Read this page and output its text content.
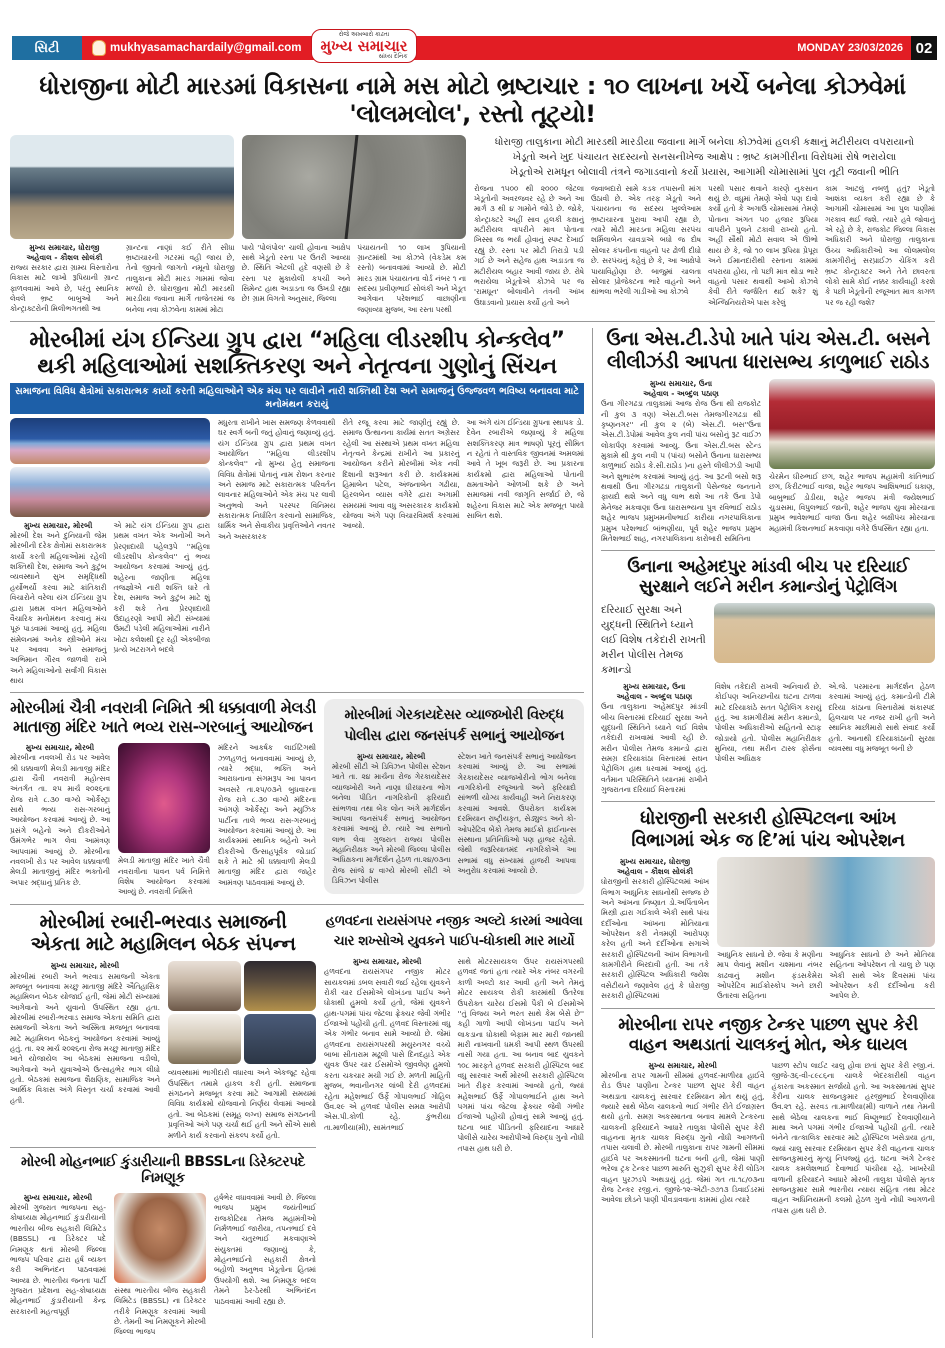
સિટી	mukhyasamachardaily@gmail.com
રોજે અખબારો કાઢતા
મુખ્ય સમાચાર
સાંધ્ય દૈનિક
MONDAY 23/03/2026 02
ધોરાજીના મોટી મારડમાં વિકાસના નામે મસ મોટો ભ્રષ્ટાચાર : ૧૦ લાખના ખર્ચે બનેલા કોઝવેમાં 'લોલમલોલ', રસ્તો તૂટ્યો!
મુખ્ય સમાચાર, ધોરાજી
અહેવાલ - કૌશલ સોલંકી
રાજ્ય સરકાર દ્વારા ગ્રામ્ય વિસ્તારોના વિકાસ માટે લાખો રૂપિયાની ગ્રાન્ટ ફાળવવામાં આવે છે, પરંતુ સ્થાનિક લેવલે ભ્રષ્ટ બાબુઓ અને કોન્ટ્રાક્ટરોની મિલીભગતથી આ
ગ્રાન્ટના નાણાં કઈ રીતે સીધા ભ્રષ્ટાચારની ગટરમાં વહી જાય છે, તેનો જીવતો જાગતો નમૂનો ધોરાજી તાલુકાના મોટી મારડ ગામમાં જોવા મળ્યો છે. ધોરાજીના મોટી મારડથી મારડીયા જવાના માર્ગે તાજેતરમાં જ બનેલા નવા કોઝવેના કામમાં મોટા
પાયે 'પોલંપોલ' ચાલી હોવાના આક્ષેપ સાથે ખેડૂતો રસ્તા પર ઉતરી આવ્યા છે. સ્થિતિ એટલી હદે વણસી છે કે રસ્તા પર મુકાયેલી કપચી અને સિમેન્ટ હાથ અડાડતા જ ઉખડી રહ્યા છે! ગ્રામ વિગતો અનુસાર, જિલ્લા
પંચાયતની ૧૦ લાખ રૂપિયાની ગ્રાન્ટમાંથી આ કોઝવે (વેકડેમ કમ રસ્તો) બનાવવામાં આવ્યો છે. મોટી મારડ ગ્રામ પંચાયતના વોર્ડ નંબર ૧ ના સદસ્ય પ્રવીણભાઈ સોલંકી અને ખેડૂત આગેવાન પરેશભાઈ વાછાણીના જણાવ્યા મુજબ, આ રસ્તા પરથી
ધોરાજી તાલુકાના મોટી મારડથી મારડીયા જવાના માર્ગે બનેલા કોઝવેમાં હલકી કક્ષાનું મટીરીયલ વપરાયાનો
ખેડૂતો અને ખુદ પંચાયત સદસ્યનો સનસનીખેજ આક્ષેપ : ભ્રષ્ટ કામગીરીના વિરોધમાં રોષે ભરાયેલા
ખેડૂતોએ રામધૂન બોલાવી તંત્રને જગાડવાનો કર્યો પ્રયાસ, આગામી ચોમાસામાં પુલ તૂટી જવાની ભીતિ
રોજના ૧૫૦૦ થી ૨૦૦૦ જેટલા ખેડૂતોની અવરજવર રહે છે અને આ માર્ગ ૩ થી ૪ ગામોને જોડે છે. જોકે, કોન્ટ્રાક્ટરે અહીં સાવ હલકી કક્ષાનું મટીરીયલ વાપરીને માત્ર પોતાના ખિસ્સા જ ભર્યા હોવાનું સ્પષ્ટ દેખાઈ રહ્યું છે. રસ્તા પર મોટી તિરાડો પડી ગઈ છે અને સહેજ હાથ અડાડતા જ મટીરીયલ બહાર આવી જાય છે. રોષે ભરાયેલા ખેડૂતોએ કોઝવે પર જ 'રામધૂન' બોલાવીને તંત્રની આંખ ઉઘાડવાનો પ્રયાસ કર્યો હતો અને
જવાબદારો સામે કડક તપાસની માંગ ઉઠાવી છે. એક તરફ ખેડૂતો અને પંચાયતના જ સદસ્ય ખુલ્લેઆમ ભ્રષ્ટાચારના પુરાવા આપી રહ્યા છે, ત્યારે મોટી મારડના મહિલા સરપંચ શર્મિલાબેન ચાવડાએ બધો જ દોષ સોલાર કંપનીના વાહનો પર ઢોળી દીધો છે. સરપંચનું કહેવું છે કે, આ આક્ષેપો પાયાવિહોણા છે. બાજુમાં ચાલતા સોલાર પ્રોજેક્ટના ભારે વાહનો અને થાંભલા ભરેલી ગાડીઓ આ કોઝવે
પરથી પસાર થવાને કારણે નુકસાન થયું છે. વધુમાં તેમણે એવો પણ દાવો કર્યો હતો કે અગાઉ ચોમાસામાં તેમણે પોતાના અંગત ૫૦ હજાર રૂપિયા વાપરીને પુલને ટકાવી રાખ્યો હતો. અહીં સૌથી મોટો સવાલ એ ઊભો થાય છે કે, જો ૧૦ લાખ રૂપિયા પ્રેપૂરા અને ઈમાનદારીથી રસ્તાના કામમાં વપરાયા હોય, તો પછી માત્ર થોડા ભારે વાહનો પસાર થવાથી આખો કોઝવે કેવી રીતે જર્જરિત થઈ શકે? શું એન્જિનિયરોએ પાસ કરેલું
કામ આટલું નબળું હતું? ખેડૂતો આશંકા વ્યક્ત કરી રહ્યા છે કે આગામી ચોમાસામાં આ પુલ પાણીમાં ગરકાવ થઈ જશે. ત્યારે હવે જોવાનું એ રહે છે કે, રાજકોટ જિલ્લા વિકાસ અધિકારી અને ધોરાજી તાલુકાના ઉચ્ચ અધિકારીઓ આ લોલમલોલ કામગીરીનું સરપ્રાઈઝ ચેકિંગ કરી ભ્રષ્ટ કોન્ટ્રાક્ટર અને તેને છાવરતા લોકો સામે કોઈ નક્કર કાર્યવાહી કરશે કે પછી ખેડૂતોની રજૂઆત માત્ર કાગળ પર જ રહી જશે?
મોરબીમાં યંગ ઈન્ડિયા ગ્રુપ દ્વારા “મહિલા લીડરશીપ કોન્કલેવ”
થકી મહિલાઓમાં સશક્તિકરણ અને નેતૃત્વના ગુણોનું સિંચન
સમાજના વિવિધ ક્ષેત્રોમાં સકારાત્મક કાર્યો કરતી મહિલાઓને એક મંચ પર લાવીને નારી શક્તિથી દેશ અને સમાજનું ઉજ્જવળ ભવિષ્ય બનાવવા માટે મનોમંથન કરાયું
મુખ્ય સમાચાર, મોરબી
મોરબી દેશ અને દુનિયાની જેમ મોરબીની દરેક ક્ષેત્રોમાં સકારાત્મક કાર્યો કરતી મહિલાઓમાં રહેલી શક્તિથી દેશ, સમાજ અને કુટુંબ વ્યવસ્થાને સુખ સમૃદ્ધિથી હર્યોભર્યો કરવા માટે ક્રાંતિકારી વિચારોને વરેલા યંગ ઈન્ડિયા ગ્રુપ દ્વારા પ્રથમ વખત મહિલાઓને વૈચારિક મનોમંથન કરવાનું મંચ પૂરું પાડવામાં આવ્યું હતું. મહિલા સંમેલનમાં અનેક સ્ત્રીઓને મંચ પર આવવા અને સમાજનું અભિમાન ગૌરવ જાળવી રાખે અને મહિલાઓનો સર્વાંગી વિકાસ થાય
એ માટે યંગ ઈન્ડિયા ગ્રુપ દ્વારા પ્રથમ વખત એક અનોખી અને પ્રેરણાદાયી પહેલરૂપે ''મહિલા લીડરશીપ કોન્કલેવ'' નું ભવ્ય આયોજન કરવામાં આવ્યું હતું. શહેરના જાણીતા મહિલા તજજ્ઞોએ નારી શક્તિ ધારે તો દેશ, સમાજ અને કુટુંબ માટે શું કરી શકે તેના પ્રેરણાદાયી ઉદાહરણો આપી મોટી સંખ્યામાં ઉમટી પડેલી મહિલાઓમાં નારીને ખોટા કલેશથી દૂર રહી એકબીજા પ્રત્યે ખટરાગને બદલે
મધુરતા રાખીને ખાસ સમજણ કેળવવાથી ઘર સ્વર્ગ બની જતું હોવાનું જણાવ્યું હતું. યંગ ઈન્ડિયા ગ્રુપ દ્વારા પ્રથમ વખત આયોજિત ''મહિલા લીડરશીપ કોન્કલેવ'' નો મુખ્ય હેતુ સમાજના વિવિધ ક્ષેત્રોમાં પોતાનું નામ રોશન કરનાર અને સમાજ માટે સકારાત્મક પરિવર્તન લાવનાર મહિલાઓને એક મંચ પર લાવી અનુભવો અને પરસ્પર વિનિમય સકારાત્મક નિર્ધારિત કરવાનો સામાજિક, ધાર્મિક અને સેવાકીય પ્રવૃત્તિઓને નવતર અને અસરકારક
રીતે રજૂ કરવા માટે જાણીતું રહ્યું છે. સમાજ ઉત્થાનના કાર્યમાં સતત અગ્રેસર રહેલી આ સંસ્થાએ પ્રથમ વખત મહિલા નેતૃત્વને કેન્દ્રમાં રાખીને આ પ્રકારનું આયોજન કરીને મોરબીમાં એક નવી દિશાની શરૂઆત કરી છે. કાર્યક્રમમાં હિમાબેન પટેલ, અંજનાબેન ગઢીયા, હિરલબેન વ્યાસ વગેરે દ્વારા અગામી સમયમાં આવા વધુ અસરકારક કાર્યક્રમો યોજવા અંગે પણ વિચારવિમર્શ કરવામાં આવ્યો.
આ અંગે યંગ ઈન્ડિયા ગ્રુપના સ્થાપક ડો. દેવેન રબારીએ જણાવ્યું કે મહિલા સશક્તિકરણ માત્ર ભાષણો પૂરતું સીમિત ન રહેતાં તે વાસ્તવિક જીવનમાં અમલમાં આવે તે ખૂબ જરૂરી છે. આ પ્રકારના કાર્યક્રમો દ્વારા મહિલાઓ પોતાની ક્ષમતાઓને ઓળખી શકે છે અને સમાજમાં નવી જાગૃતિ સર્જાઈ છે, જે શહેરના વિકાસ માટે એક મજબૂત પાયો સાબિત થશે.
મોરબીમાં ચૈત્રી નવરાત્રી નિમિતે શ્રી ધક્કાવાળી મેલડી
માતાજી મંદિર ખાતે ભવ્ય રાસ-ગરબાનું આયોજન
મુખ્ય સમાચાર, મોરબી
મોરબીના નવલખી રોડ પર આવેલ શ્રી ધક્કાવાળી મેલડી માતાજી મંદિર દ્વારા ચૈત્રી નવરાત્રી મહોત્સવ અંતર્ગત તા. ૨૫ માર્ચ ૨૦૨૬ના રોજ રાત્રે ૮.૩૦ વાગ્યે ઓર્કેસ્ટ્રા સાથે ભવ્ય રાસ-ગરબાનું આયોજન કરવામાં આવ્યું છે. આ પ્રસંગે બહેનો અને દીકરીઓને ઉમંગભેર ભાગ લેવા આમંત્રણ આપવામાં આવ્યું છે. મોરબીના નવલખી રોડ પર આવેલ ધક્કાવાળી મેલડી માતાજીનું મંદિર ભક્તોની અપાર શ્રદ્ધાનું પ્રતિક છે.
મેલડી માતાજી મંદિર ખાતે ચૈત્રી નવરાત્રીના પાવન પર્વ નિમિત્તે વિશેષ આયોજન કરવામાં આવ્યું છે. નવરાત્રી નિમિત્તે
મંદિરને આકર્ષક લાઈટિંગથી ઝળહળતું બનાવવામાં આવ્યું છે, ત્યારે શ્રદ્ધા, ભક્તિ અને આરાધનાના સંગમરૂપ આ પાવન અવસરે તા.૨૫/૦૩ને બુધવારના રોજ રાત્રે ૮.૩૦ વાગ્યે મંદિરના આંગણે ઓર્કેસ્ટ્રા અને મ્યુઝિક પાર્ટીના તાલે ભવ્ય રાસ-ગરબાનું આયોજન કરવામાં આવ્યું છે. આ કાર્યક્રમમાં સ્થાનિક બહેનો અને દીકરીઓ ઉત્સાહપૂર્વક જોડાઈ શકે તે માટે શ્રી ધક્કાવાળી મેલડી માતાજી મંદિર દ્વારા જાહેર આમંત્રણ પાઠવવામાં આવ્યું છે.
મોરબીમાં ગેરકાયદેસર વ્યાજખોરી વિરુદ્ધ
પોલીસ દ્વારા જનસંપર્ક સભાનું આયોજન
મુખ્ય સમાચાર, મોરબી
મોરબી સીટી એ ડિવિઝન પોલીસ સ્ટેશન ખાતે તા. ૨૪ માર્ચના રોજ ગેરકાયદેસર વ્યાજખોરી અને નાણા ધીરધારના ભોગ બનેલા પીડિત નાગરિકોની ફરિયાદો સાંભળવા તથા બેંક લોન અંગે માર્ગદર્શન આપવા જનસંપર્ક સભાનું આયોજન કરવામાં આવ્યું છે. ત્યારે આ સભાનો લાભ લેવા ગુજરાત રાજ્ય પોલીસ મહાનિરીક્ષક અને મોરબી જિલ્લા પોલીસ અધિક્ષકના માર્ગદર્શન હેઠળ તા.૨૪/૦૩ના રોજ સાંજે ૪ વાગ્યે મોરબી સીટી એ ડિવિઝન પોલીસ
સ્ટેશન ખાતે જનસંપર્ક સભાનું આયોજન કરવામાં આવ્યું છે. આ સભામાં ગેરકાયદેસર વ્યાજખોરીનો ભોગ બનેલા નાગરિકોની રજૂઆતો અને ફરિયાદો સાંભળી યોગ્ય કાર્યવાહી અને નિરાકરણ કરવામાં આવશે. ઉપરોક્ત કાર્યક્રમ દરમિયાન રાષ્ટ્રીયકૃત, સેડ્યુલ્ડ અને કો-ઓપરેટિવ બેંકો તેમજ માઈક્રો ફાઈનાન્સ સંસ્થાના પ્રતિનિધિઓ પણ હાજર રહેશે. જેથી જરૂરિયાતમંદ નાગરિકોએ આ સભામાં વધુ સંખ્યામાં હાજરી આપવા અનુરોધ કરવામાં આવ્યો છે.
મોરબીમાં રબારી-ભરવાડ સમાજની
એકતા માટે મહામિલન બેઠક સંપન્ન
મુખ્ય સમાચાર, મોરબી
મોરબીમાં રબારી અને ભરવાડ સમાજની એકતા મજબૂત બનાવવા મચ્છુ માતાજી મંદિરે ઐતિહાસિક મહામિલન બેઠક યોજાઈ હતી, જેમાં મોટી સંખ્યામાં આગેવાનો અને યુવાનો ઉપસ્થિત રહ્યા હતા. મોરબીમાં રબારી-ભરવાડ સમાજ એકતા સમિતિ દ્વારા સમાજની એકતા અને અસ્મિતા મજબૂત બનાવવા માટે મહામિલન બેઠકનું આયોજન કરવામાં આવ્યું હતું. તા. ૨૨ માર્ચ ૨૦૨૬ના રોજ મચ્છુ માતાજી મંદિર ખાતે યોજાયેલ આ બેઠકમાં સમાજના વડીલો, આગેવાનો અને યુવાઓએ ઉત્સાહભેર ભાગ લીધો હતો. બેઠકમાં સમાજના શૈક્ષણિક, સામાજિક અને આર્થિક વિકાસ અંગે વિસ્તૃત ચર્ચા કરવામાં આવી હતી.
વ્યવસ્થામાં ભાગીદારી વધારવા અને એકજૂટ રહેવા ઉપસ્થિત તમામે હાકલ કરી હતી. સમાજના સંગઠનને મજબૂત કરવા માટે આગામી સમયમાં વિવિધ કાર્યક્રમો યોજવાનો નિર્ણય લેવામાં આવ્યો હતો. આ બેઠકમાં (સમૂહ લગ્ન) સમાજ સંગઠનની પ્રવૃત્તિઓ અંગે પણ ચર્ચા થઈ હતી અને સૌએ સાથે મળીને કાર્ય કરવાનો સંકલ્પ કર્યો હતો.
મોરબી મોહનભાઈ કુંડારીયાની BBSSLના ડિરેક્ટરપદે નિમણૂક
મુખ્ય સમાચાર, મોરબી
મોરબી ગુજરાત ભાજપના સહ-કોષાધ્યક્ષ મોહનભાઈ કુંડારીયાની ભારતીય બીજ સહકારી લિમિટેડ (BBSSL) ના ડિરેક્ટર પદે નિમણૂક થતાં મોરબી જિલ્લા ભાજપ પરિવાર દ્વારા હર્ષ વ્યક્ત કરી અભિનંદન પાઠવવામાં આવ્યા છે. ભારતીય જનતા પાર્ટી ગુજરાત પ્રદેશના સહ-કોષાધ્યક્ષ મોહનભાઈ કુંડારીયાની કેન્દ્ર સરકારની મહત્વપૂર્ણ
સંસ્થા ભારતીય બીજ સહકારી લિમિટેડ (BBSSL) ના ડિરેક્ટર તરીકે નિમણૂક કરવામાં આવી છે. તેમની આ નિમણૂકને મોરબી જિલ્લા ભાજપ
હર્ષભેર વધાવવામાં આવી છે. જિલ્લા ભાજપ પ્રમુખ જયંતીભાઈ રાજકોટિયા તેમજ મહામંત્રીઓ નિર્મળભાઈ જારીયા, તપનભાઈ દવે અને ચતુરભાઈ મકવાણાએ સંયુક્તમાં જણાવ્યું કે, મોહનભાઈનો સહકારી ક્ષેત્રનો બહોળો અનુભવ ખેડૂતોના હિતમાં ઉપયોગી થશે. આ નિમણૂક બદલ તેમને ઠેર-ઠેરથી અભિનંદન પાઠવવામાં આવી રહ્યા છે.
હળવદના રાયસંગપર નજીક અલ્ટો કારમાં આવેલા
ચાર શખ્સોએ યુવકને પાઈપ-ધોકાથી માર માર્યો
મુખ્ય સમાચાર, મોરબી
હળવદના રાયસંગપર નજીક મોટર સાયકલમાં ડબલ સવારી જઈ રહેલા યુવકને રોકી ચાર ઈસમોએ લોખંડના પાઈપ અને ધોકાથી હુમલો કર્યો હતો, જેમાં યુવકને હાથ-પગમાં પાંચ જેટલા ફ્રેક્ચર જેવી ગંભીર ઈજાઓ પહોંચી હતી. હળવદ વિસ્તારમાં વધુ એક ગંભીર બનાવ સામે આવ્યો છે. જેમાં હળવદના રાયસંગપરથી મયુરનગર વચ્ચે બાબા સીતારામ મઢૂલી પાસે દિનદહાડે એક યુવક ઉપર ચાર ઈસમોએ જીવલેણ હુમલો કરતા ચકચાર મચી ગઈ છે. મળતી માહિતી મુજબ, ભવાનીનગર લાંબી દેરી હળવદમાં રહેતા મહેશભાઈ ઉર્ફે ગોપાલભાઈ ગોહિલ ઉવ.૨૯ એ હળવદ પોલીસ સમક્ષ આરોપી એસ.પી.કોળી રહે. કુંભરીયા તા.માળીયા(મી), સામંતભાઈ
સાથે મોટરસાયકલ ઉપર રાયસંગપરથી હળવદ જતાં હતા ત્યારે એક નંબર વગરની કાળી અલ્ટો કાર આવી હતી અને તેમનું મોટર સાયકલ રોકી કારમાંથી ઉતરેલા ઉપરોક્ત ચારેય ઈસમો પૈકી બે ઈસમોએ ''તું વિજય અને ભરત સાથે કેમ બેસે છે'' કહી ગાળો આપી લોખંડના પાઈપ અને લાકડાના ધોકાથી બેફામ માર મારી જાનથી મારી નાખવાની ધમકી આપી સ્થળ ઉપરથી નાસી ગયા હતા. આ બનાવ બાદ યુવકને ૧૦૮ મારફતે હળવદ સરકારી હોસ્પિટલ બાદ વધુ સારવાર અર્થે મોરબી સરકારી હોસ્પિટલ ખાતે રીફર કરવામાં આવ્યો હતો, જ્યાં મહેશભાઈ ઉર્ફે ગોપાલભાઈને હાથ અને પગમાં પાંચ જેટલા ફ્રેક્ચર જેવી ગંભીર ઈજાઓ પહોંચી હોવાનું સામે આવ્યું હતું. ઘટના બાદ પીડિતની ફરિયાદના આધારે પોલીસે ચારેય આરોપીઓ વિરુદ્ધ ગુનો નોંધી તપાસ હાથ ધરી છે.
ઉના એસ.ટી.ડેપો ખાતે પાંચ એસ.ટી. બસને
લીલીઝંડી આપતા ધારાસભ્ય કાળુભાઈ રાઠોડ
મુખ્ય સમાચાર, ઉના
અહેવાલ - અબ્દુલ પઠાણ
ઉના ગીરગઢડા તાલુકામાં આજ રોજ ઉના થી રાજકોટ ની કુલ ૩ ત્રણ) એસ.ટી.બસ તેમજગીરગઢડા થી કૃષ્ણનગર'' ની કુલ ૨ (બે) એસ.ટી. બસ''ઉના એસ.ટી.ડેપોમાં આવેલ કુલ નવી પાંચ બસોનું રૂટ વાઈઝ લોકાર્પણ કરવામાં આવ્યુ. ઉના એસ.ટી.બસ સ્ટેન્ડ મુકામે થી કુલ નવી ૫ (પાંચ) બસોને ઉનાના ધારાસભ્ય કાળુભાઈ રાઠોડ કે.સી.રાઠોડ )ના હસ્તે લીલીઝંડી આપી અને શુભારંભ કરવામાં આવ્યું હતું. આ રૂટની બસો શરૂ થવાથી ઉના ગીરગઢડા તાલુકાની પેસેન્જર જનતાને ફાયદો થશે અને વધુ લાભ થશે આ તકે ઉના ડેપો મેનેજર મકવાણા ઉના ધારાસભ્યના પુત્ર રવિભાઈ રાઠોડ શહેર ભાજપ પ્રમુખમનીષભાઈ કારીયા નગરપાલિકાના પ્રમુખ પરેશભાઈ બાંભણીયા, પૂર્વ શહેર ભાજપ પ્રમુખ મિતેશભાઈ શાહ, નગરપાલિકાના કારોબારી સમિતિના
ચેરમેન ધીરુભાઈ છગ, શહેર ભાજપ મહામંત્રી કાંતિભાઈ છગ, કિરીટભાઈ વાજા, શહેર ભાજપ આશિષભાઈ ધકાણ, બાબુભાઈ ડોડીયા, શહેર ભાજપ મંત્રી જયેશભાઈ ચુડાસમા, વિપુલભાઈ જાની, શહેર ભાજપ યુવા મોરચાના પ્રમુખ ભાવેશભાઈ વાજા ઉના શહેર બક્ષીપંચ મોરચાના મહામંત્રી કિશનભાઈ મકવાણા વગેરે ઉપસ્થિત રહ્યા હતા.
ઉનાના અહેમદપુર માંડવી બીચ પર દરિયાઈ
સુરક્ષાને લઈને મરીન કમાન્ડોનું પેટ્રોલિંગ
દરિયાઈ સુરક્ષા અને યુદ્ધની સ્થિતિને ધ્યાને લઈ વિશેષ તકેદારી રાખતી મરીન પોલીસ તેમજ કમાન્ડો
મુખ્ય સમાચાર, ઉના
અહેવાલ - અબ્દુલ પઠાણ
ઉના તાલુકાના અહેમદપુર માંડવી બીચ વિસ્તારમાં દરિયાઈ સુરક્ષા અને યુદ્ધની સ્થિતિને ધ્યાને લઈ વિશેષ તકેદારી રાખવામાં આવી રહી છે. મરીન પોલીસ તેમજ કમાન્ડો દ્વારા સમગ્ર દરિયાકાંઠા વિસ્તારમાં સઘન પેટ્રોલિંગ હાથ ધરવામાં આવ્યું હતું. વર્તમાન પરિસ્થિતિને ધ્યાનમાં રાખીને ગુજરાતના દરિયાઈ વિસ્તારમાં
વિશેષ તકેદારી રાખવી અનિવાર્ય છે. કોઈપણ અનિચ્છનીય ઘટના ટાળવા માટે દરિયાકાંઠે સતત પેટ્રોલિંગ કરાયું હતું. આ કામગીરીમાં મરીન કમાન્ડો, પોલીસ અધિકારીઓ સહિતનો સ્ટાફ જોડાયો હતો. પોલીસ મહાનિરીક્ષક મુનિયા, તથા મરીન ટાસ્ક ફોર્સના પોલીસ અધિક્ષક
એ.જે. પરમારના માર્ગદર્શન હેઠળ કરવામાં આવ્યું હતું. કમાન્ડોની ટીમે દરિયા કાંઠાના વિસ્તારોમાં શંકાસ્પદ હિલચાલ પર નજર રાખી હતી અને સ્થાનિક માછીમારો સાથે સંવાદ કર્યો હતો. આનાથી દરિયાકાંઠાની સુરક્ષા વ્યવસ્થા વધુ મજબૂત બની છે
ધોરાજીની સરકારી હોસ્પિટલના આંખ
વિભાગમાં એક જ દિ’માં પાંચ ઓપરેશન
મુખ્ય સમાચાર, ધોરાજી
અહેવાલ - કૌશલ સોલંકી
ધોરાજીની સરકારી હોસ્પિટલમાં આંખ વિભાગ આધુનિક સાધનોથી સજ્જ છે અને આંખના નિષ્ણાત ડો.અર્પિતાબેન મિસ્ત્રી દ્વારા ગઈકાલે એકી સાથે પાંચ દર્દીઓના આંખના મોતિયાના ઓપરેશન કરી નેત્રમણી આરોપણ કરેલ હતી અને દર્દીઓના સગાએ સરકારી હોસ્પિટલની આંખ વિભાગની કામગીરીને બિરદાવી હતી. આ તકે સરકારી હોસ્પિટલ અધિકારી જયેશ વસેટીયને જણાવેલ હતું કે ધોરાજી સરકારી હોસ્પિટલમાં
આધુનિક સાધનો છે. જેવા કે મણીના માપ લેવાનું મશીન ચશ્માના નંબર કાઢવાનું મશીન ફંડસકેમેરા ઓપરેટિવ માઈક્રોસ્કોપ અને છારી ઉતારવા સહિતના
આધુનિક સાધનો છે અને મોતિયા સહિતના ઓપરેશન તો ચાલુ છે પણ એકી સાથે એક દિવસમાં પાંચ ઓપરેશન કરી દર્દીઓના કરી આપેલ છે.
મોરબીના રાપર નજીક ટેન્કર પાછળ સુપર કેરી
વાહન અથડાતાં ચાલકનું મોત, એક ઘાયલ
મુખ્ય સમાચાર, મોરબી
મોરબીના રાપર ગામની સીમમાં હળવદ-માળીયા હાઈવે રોડ ઉપર પાણીના ટેન્કર પાછળ સુપર કેરી વાહન અથડાતા ચાલકનું સારવાર દરમિયાન મોત થયું હતું, જ્યારે સાથે બેઠેલ ચાલકનો ભાઈ ગંભીર રીતે ઈજાગ્રસ્ત થયો હતો. સમગ્ર અકસ્માતના બનાવ મામલે ટેન્કરના ચાલકની ફરિયાદને આધારે તાલુકા પોલીસે સુપર કેરી વાહનના મૃતક ચાલક વિરુદ્ધ ગુનો નોંધી આગળની તપાસ ચલાવી છે. મોરબી તાલુકાના રાપર ગામની સીમમાં હાઈવે પર અકસ્માતની ઘટના બની હતી, જેમાં પાણી ભરેલા ટ્રક ટેન્કર પાછળ મારુતિ સુઝુકી સુપર કેરી લોડિંગ વાહન પુરઝડપે અથડાયું હતું. જેમાં ગત તા.૧૮/૦૩ના રોજ ટેન્કર રજી.નં. જીજે-૧૨-એટી-૭૭૧૩ ડિવાઈડરમાં આવેલા છોડને પાણી પીવડાવવાના કામમાં હોય ત્યારે
પાછળ સ્ટોપ લાઈટ ચાલુ હોવા છતાં સુપર કેરી રજી.નં. જીજે-૩૬-વી-૮૯૮૬ના ચાલકે બેદરકારીથી વાહન હંકારતા અકસ્માત સર્જાયો હતો. આ અકસ્માતમાં સુપર કેરીના ચાલક સાજનકુમાર હરજીભાઈ દેલવાણીયા ઉવ.૨૧ રહે. સરવડ તા.માળીયા(મી) વાળાને તથા તેમની સાથે બેઠેલા ચાલકના ભાઈ વિષ્ણુભાઈ દેલવાણીયાને માથા અને પગમાં ગંભીર ઈજાઓ પહોંચી હતી. ત્યારે બંનેને તાત્કાલિક સારવાર માટે હોસ્પિટલ ખસેડાયા હતા, જ્યાં ચાલુ સારવાર દરમિયાન સુપર કેરી વાહનના ચાલક સાજનકુમારનું મૃત્યુ નિપજ્યું હતું. ઘટના અંગે ટેન્કર ચાલક કમલેશભાઈ દેવાભાઈ પાંચીયા રહે. ખાખરેચી વાળાની ફરિયાદને આધારે મોરબી તાલુકા પોલીસે મૃતક સાજનકુમાર સામે ભારતીય ન્યાય સંહિતા તથા મોટર વાહન અધિનિયમની કલમો હેઠળ ગુનો નોંધી આગળની તપાસ હાથ ધરી છે.
